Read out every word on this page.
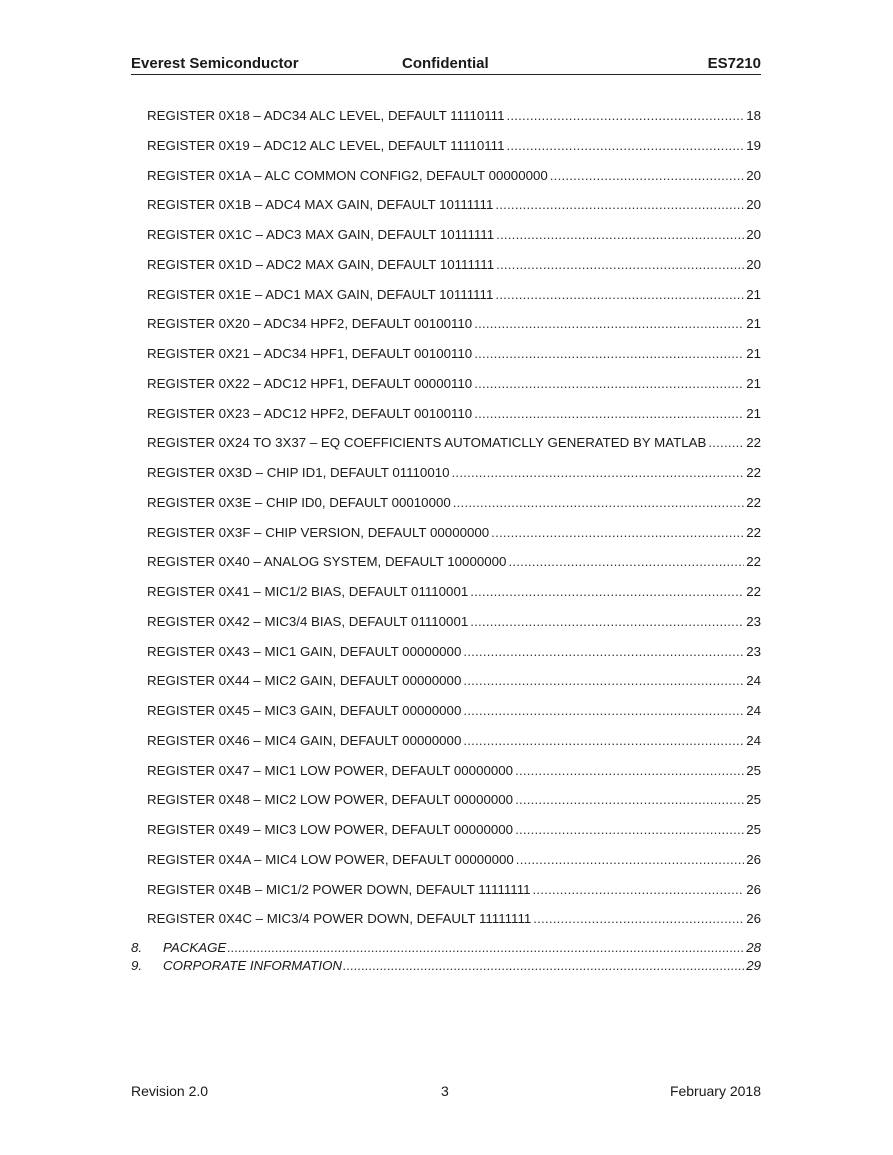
Everest Semiconductor	Confidential	ES7210
REGISTER 0X18 – ADC34 ALC LEVEL, DEFAULT 11110111 .....	18
REGISTER 0X19 – ADC12 ALC LEVEL, DEFAULT 11110111 .....	19
REGISTER 0X1A – ALC COMMON CONFIG2, DEFAULT 00000000 .....	20
REGISTER 0X1B – ADC4 MAX GAIN, DEFAULT 10111111 .....	20
REGISTER 0X1C – ADC3 MAX GAIN, DEFAULT 10111111 .....	20
REGISTER 0X1D – ADC2 MAX GAIN, DEFAULT 10111111 .....	20
REGISTER 0X1E – ADC1 MAX GAIN, DEFAULT 10111111 .....	21
REGISTER 0X20 – ADC34 HPF2, DEFAULT 00100110 .....	21
REGISTER 0X21 – ADC34 HPF1, DEFAULT 00100110 .....	21
REGISTER 0X22 – ADC12 HPF1, DEFAULT 00000110 .....	21
REGISTER 0X23 – ADC12 HPF2, DEFAULT 00100110 .....	21
REGISTER 0X24 TO 3X37 – EQ COEFFICIENTS AUTOMATICLLY GENERATED BY MATLAB .....	22
REGISTER 0X3D – CHIP ID1, DEFAULT 01110010 .....	22
REGISTER 0X3E – CHIP ID0, DEFAULT 00010000 .....	22
REGISTER 0X3F – CHIP VERSION, DEFAULT 00000000 .....	22
REGISTER 0X40 – ANALOG SYSTEM, DEFAULT 10000000 .....	22
REGISTER 0X41 – MIC1/2 BIAS, DEFAULT 01110001 .....	22
REGISTER 0X42 – MIC3/4 BIAS, DEFAULT 01110001 .....	23
REGISTER 0X43 – MIC1 GAIN, DEFAULT 00000000 .....	23
REGISTER 0X44 – MIC2 GAIN, DEFAULT 00000000 .....	24
REGISTER 0X45 – MIC3 GAIN, DEFAULT 00000000 .....	24
REGISTER 0X46 – MIC4 GAIN, DEFAULT 00000000 .....	24
REGISTER 0X47 – MIC1 LOW POWER, DEFAULT 00000000 .....	25
REGISTER 0X48 – MIC2 LOW POWER, DEFAULT 00000000 .....	25
REGISTER 0X49 – MIC3 LOW POWER, DEFAULT 00000000 .....	25
REGISTER 0X4A – MIC4 LOW POWER, DEFAULT 00000000 .....	26
REGISTER 0X4B – MIC1/2 POWER DOWN, DEFAULT 11111111 .....	26
REGISTER 0X4C – MIC3/4 POWER DOWN, DEFAULT 11111111 .....	26
8.	PACKAGE .....	28
9.	CORPORATE INFORMATION .....	29
Revision 2.0	3	February 2018
